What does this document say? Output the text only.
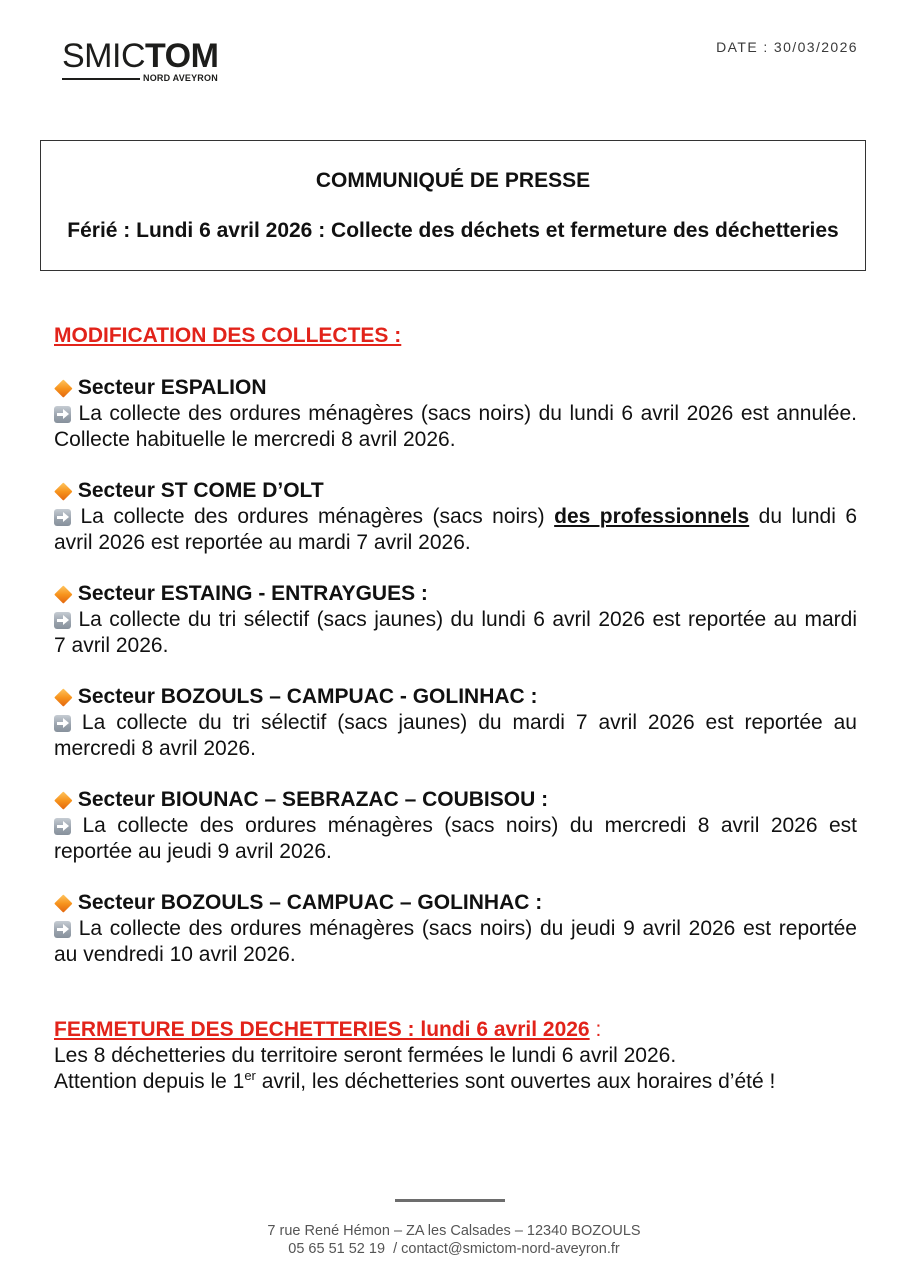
SMICTOM
NORD AVEYRON
DATE : 30/03/2026
COMMUNIQUÉ DE PRESSE
Férié : Lundi 6 avril 2026 : Collecte des déchets et fermeture des déchetteries
MODIFICATION DES COLLECTES :
Secteur ESPALION
La collecte des ordures ménagères (sacs noirs) du lundi 6 avril 2026 est annulée.
Collecte habituelle le mercredi 8 avril 2026.
Secteur ST COME D’OLT
La collecte des ordures ménagères (sacs noirs) des professionnels du lundi 6
avril 2026 est reportée au mardi 7 avril 2026.
Secteur ESTAING - ENTRAYGUES :
La collecte du tri sélectif (sacs jaunes) du lundi 6 avril 2026 est reportée au mardi
7 avril 2026.
Secteur BOZOULS – CAMPUAC - GOLINHAC :
La collecte du tri sélectif (sacs jaunes) du mardi 7 avril 2026 est reportée au
mercredi 8 avril 2026.
Secteur BIOUNAC – SEBRAZAC – COUBISOU :
La collecte des ordures ménagères (sacs noirs) du mercredi 8 avril 2026 est
reportée au jeudi 9 avril 2026.
Secteur BOZOULS – CAMPUAC – GOLINHAC :
La collecte des ordures ménagères (sacs noirs) du jeudi 9 avril 2026 est reportée
au vendredi 10 avril 2026.
FERMETURE DES DECHETTERIES : lundi 6 avril 2026 :
Les 8 déchetteries du territoire seront fermées le lundi 6 avril 2026.
Attention depuis le 1er avril, les déchetteries sont ouvertes aux horaires d’été !
7 rue René Hémon – ZA les Calsades – 12340 BOZOULS
05 65 51 52 19  / contact@smictom-nord-aveyron.fr
